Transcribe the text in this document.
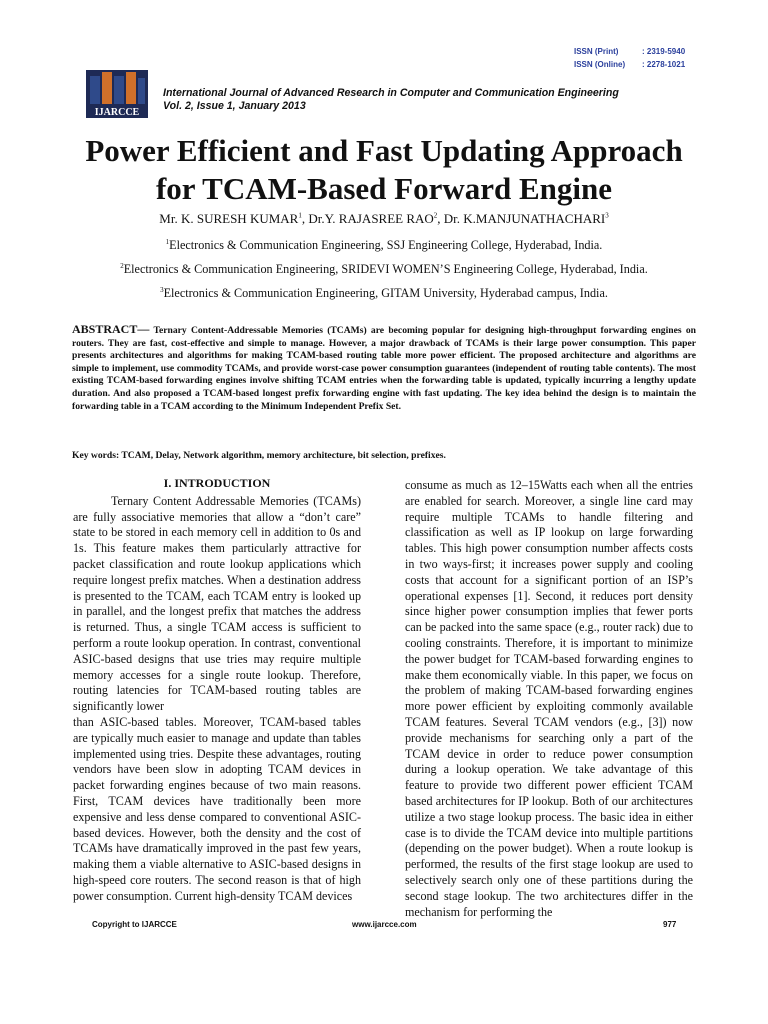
ISSN (Print)	: 2319-5940
ISSN (Online) : 2278-1021
IJARCCE
International Journal of Advanced Research in Computer and Communication Engineering
Vol. 2, Issue 1, January 2013
Power Efficient and Fast Updating Approach
for TCAM-Based Forward Engine
Mr. K. SURESH KUMAR$^1$, Dr.Y. RAJASREE RAO$^2$, Dr. K.MANJUNATHACHARI$^3$
$^1$Electronics & Communication Engineering, SSJ Engineering College, Hyderabad, India.
$^2$Electronics & Communication Engineering, SRIDEVI WOMEN’S Engineering College, Hyderabad, India.
$^3$Electronics & Communication Engineering, GITAM University, Hyderabad campus, India.
ABSTRACT— Ternary Content-Addressable Memories (TCAMs) are becoming popular for designing high-throughput forwarding engines on routers. They are fast, cost-effective and simple to manage. However, a major drawback of TCAMs is their large power consumption. This paper presents architectures and algorithms for making TCAM-based routing table more power efficient. The proposed architecture and algorithms are simple to implement, use commodity TCAMs, and provide worst-case power consumption guarantees (independent of routing table contents). The most existing TCAM-based forwarding engines involve shifting TCAM entries when the forwarding table is updated, typically incurring a lengthy update duration. And also proposed a TCAM-based longest prefix forwarding engine with fast updating. The key idea behind the design is to maintain the forwarding table in a TCAM according to the Minimum Independent Prefix Set.
Key words: TCAM, Delay, Network algorithm, memory architecture, bit selection, prefixes.

I. INTRODUCTION

Ternary Content Addressable Memories (TCAMs) are fully associative memories that allow a “don’t care” state to be stored in each memory cell in addition to 0s and 1s. This feature makes them particularly attractive for packet classification and route lookup applications which require longest prefix matches. When a destination address is presented to the TCAM, each TCAM entry is looked up in parallel, and the longest prefix that matches the address is returned. Thus, a single TCAM access is sufficient to perform a route lookup operation. In contrast, conventional ASIC-based designs that use tries may require multiple memory accesses for a single route lookup. Therefore, routing latencies for TCAM-based routing tables are significantly lower

than ASIC-based tables. Moreover, TCAM-based tables are typically much easier to manage and update than tables implemented using tries. Despite these advantages, routing vendors have been slow in adopting TCAM devices in packet forwarding engines because of two main reasons. First, TCAM devices have traditionally been more expensive and less dense compared to conventional ASIC-based devices. However, both the density and the cost of TCAMs have dramatically improved in the past few years, making them a viable alternative to ASIC-based designs in high-speed core routers. The second reason is that of high power consumption. Current high-density TCAM devices

consume as much as 12–15Watts each when all the entries are enabled for search. Moreover, a single line card may require multiple TCAMs to handle filtering and classification as well as IP lookup on large forwarding tables. This high power consumption number affects costs in two ways-first; it increases power supply and cooling costs that account for a significant portion of an ISP’s operational expenses [1]. Second, it reduces port density since higher power consumption implies that fewer ports can be packed into the same space (e.g., router rack) due to cooling constraints. Therefore, it is important to minimize the power budget for TCAM-based forwarding engines to make them economically viable. In this paper, we focus on the problem of making TCAM-based forwarding engines more power efficient by exploiting commonly available TCAM features. Several TCAM vendors (e.g., [3]) now provide mechanisms for searching only a part of the TCAM device in order to reduce power consumption during a lookup operation. We take advantage of this feature to provide two different power efficient TCAM based architectures for IP lookup. Both of our architectures utilize a two stage lookup process. The basic idea in either case is to divide the TCAM device into multiple partitions (depending on the power budget). When a route lookup is performed, the results of the first stage lookup are used to selectively search only one of these partitions during the second stage lookup. The two architectures differ in the mechanism for performing the

Copyright to IJARCCE	www.ijarcce.com	977
